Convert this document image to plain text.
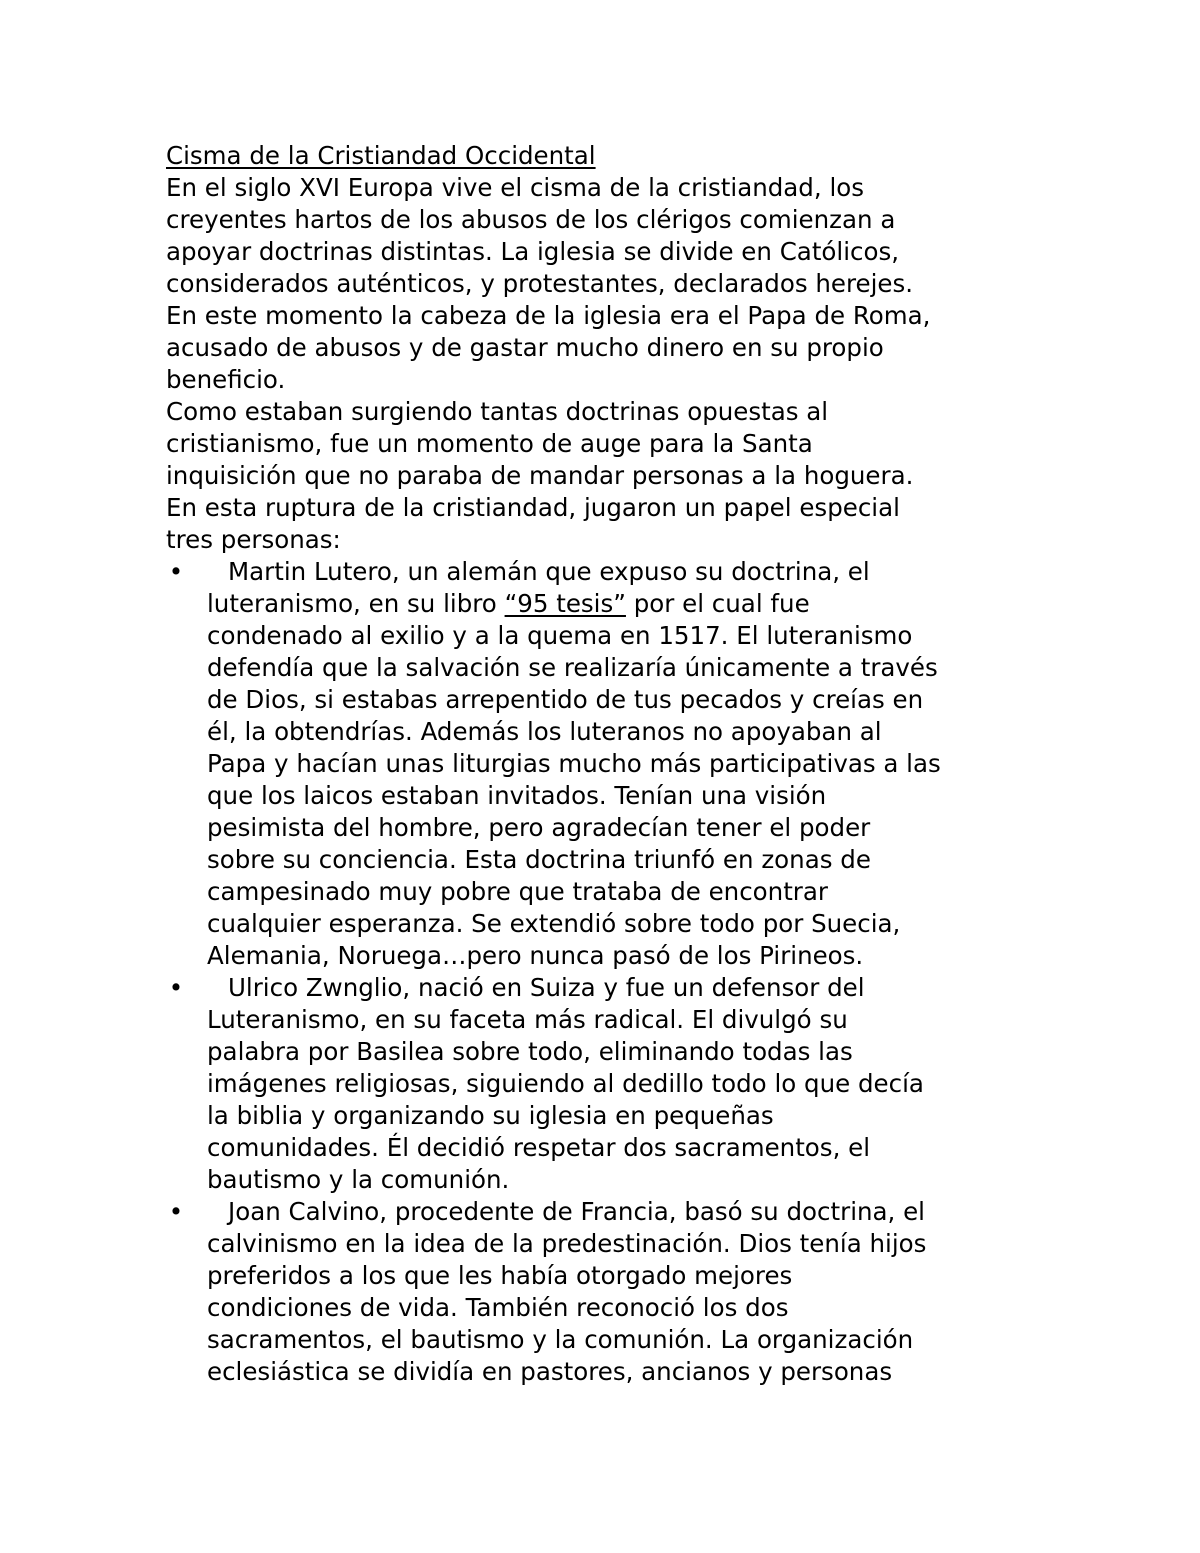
Cisma de la Cristiandad Occidental
En el siglo XVI Europa vive el cisma de la cristiandad, los
creyentes hartos de los abusos de los clérigos comienzan a
apoyar doctrinas distintas. La iglesia se divide en Católicos,
considerados auténticos, y protestantes, declarados herejes.
En este momento la cabeza de la iglesia era el Papa de Roma,
acusado de abusos y de gastar mucho dinero en su propio
beneficio.
Como estaban surgiendo tantas doctrinas opuestas al
cristianismo, fue un momento de auge para la Santa
inquisición que no paraba de mandar personas a la hoguera.
En esta ruptura de la cristiandad, jugaron un papel especial
tres personas:
• Martin Lutero, un alemán que expuso su doctrina, el
luteranismo, en su libro “95 tesis” por el cual fue
condenado al exilio y a la quema en 1517. El luteranismo
defendía que la salvación se realizaría únicamente a través
de Dios, si estabas arrepentido de tus pecados y creías en
él, la obtendrías. Además los luteranos no apoyaban al
Papa y hacían unas liturgias mucho más participativas a las
que los laicos estaban invitados. Tenían una visión
pesimista del hombre, pero agradecían tener el poder
sobre su conciencia. Esta doctrina triunfó en zonas de
campesinado muy pobre que trataba de encontrar
cualquier esperanza. Se extendió sobre todo por Suecia,
Alemania, Noruega…pero nunca pasó de los Pirineos.
• Ulrico Zwnglio, nació en Suiza y fue un defensor del
Luteranismo, en su faceta más radical. El divulgó su
palabra por Basilea sobre todo, eliminando todas las
imágenes religiosas, siguiendo al dedillo todo lo que decía
la biblia y organizando su iglesia en pequeñas
comunidades. Él decidió respetar dos sacramentos, el
bautismo y la comunión.
• Joan Calvino, procedente de Francia, basó su doctrina, el
calvinismo en la idea de la predestinación. Dios tenía hijos
preferidos a los que les había otorgado mejores
condiciones de vida. También reconoció los dos
sacramentos, el bautismo y la comunión. La organización
eclesiástica se dividía en pastores, ancianos y personas
